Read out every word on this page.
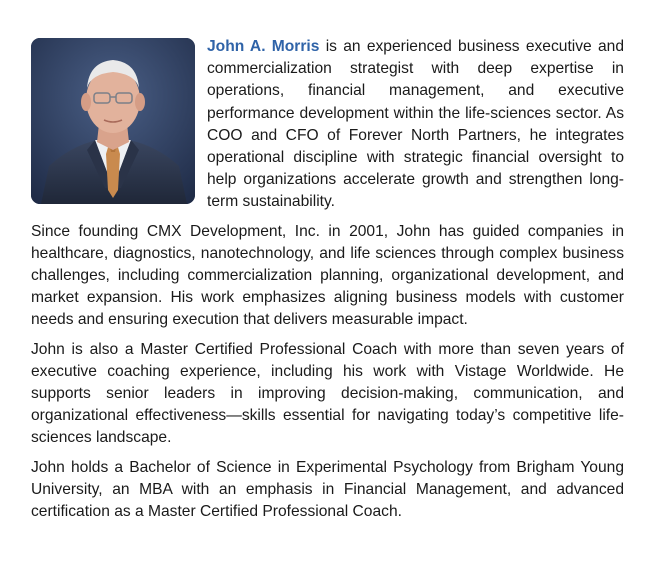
John A. Morris is an experienced business executive and commercialization strategist with deep expertise in operations, financial management, and executive performance development within the life-sciences sector. As COO and CFO of Forever North Partners, he integrates operational discipline with strategic financial oversight to help organizations accelerate growth and strengthen long-term sustainability.

Since founding CMX Development, Inc. in 2001, John has guided companies in healthcare, diagnostics, nanotechnology, and life sciences through complex business challenges, including commercialization planning, organizational development, and market expansion. His work emphasizes aligning business models with customer needs and ensuring execution that delivers measurable impact.

John is also a Master Certified Professional Coach with more than seven years of executive coaching experience, including his work with Vistage Worldwide. He supports senior leaders in improving decision-making, communication, and organizational effectiveness—skills essential for navigating today’s competitive life-sciences landscape.

John holds a Bachelor of Science in Experimental Psychology from Brigham Young University, an MBA with an emphasis in Financial Management, and advanced certification as a Master Certified Professional Coach.
